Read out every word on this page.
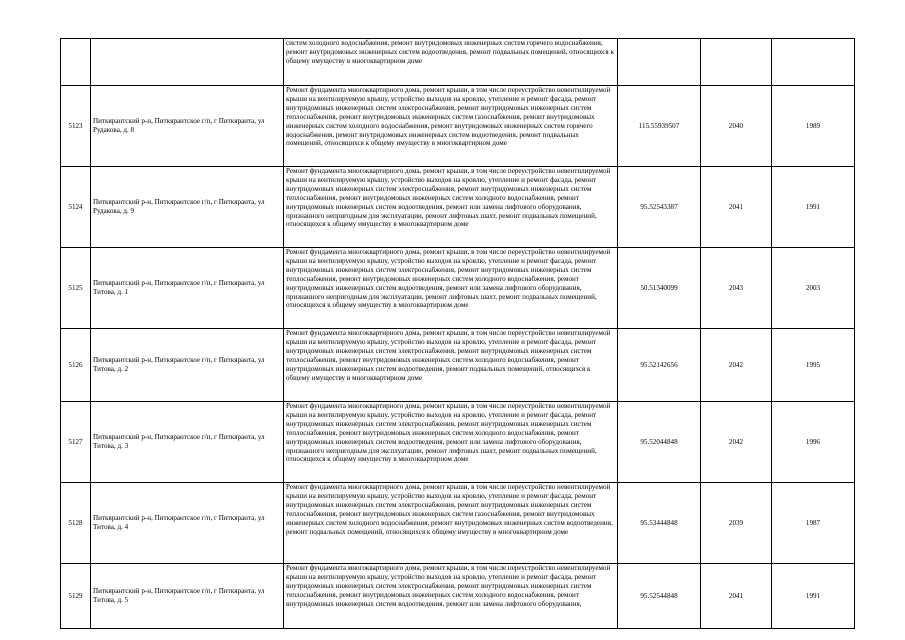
		систем холодного водоснабжения, ремонт внутридомовых инженерных систем горячего водоснабжения, ремонт внутридомовых инженерных систем водоотведения, ремонт подвальных помещений, относящихся к общему имуществу в многоквартирном доме			

5123	Питкярантский р-н, Питкярантское г/п, г Питкяранта, ул Рудакова, д. 8	Ремонт фундамента многоквартирного дома, ремонт крыши, в том числе переустройство невентилируемой крыши на вентилируемую крышу, устройство выходов на кровлю, утепление и ремонт фасада, ремонт внутридомовых инженерных систем электроснабжения, ремонт внутридомовых инженерных систем теплоснабжения, ремонт внутридомовых инженерных систем газоснабжения, ремонт внутридомовых инженерных систем холодного водоснабжения, ремонт внутридомовых инженерных систем горячего водоснабжения, ремонт внутридомовых инженерных систем водоотведения, ремонт подвальных помещений, относящихся к общему имуществу в многоквартирном доме	115.55939507	2040	1989
5124	Питкярантский р-н, Питкярантское г/п, г Питкяранта, ул Рудакова, д. 9	Ремонт фундамента многоквартирного дома, ремонт крыши, в том числе переустройство невентилируемой крыши на вентилируемую крышу, устройство выходов на кровлю, утепление и ремонт фасада, ремонт внутридомовых инженерных систем электроснабжения, ремонт внутридомовых инженерных систем теплоснабжения, ремонт внутридомовых инженерных систем холодного водоснабжения, ремонт внутридомовых инженерных систем водоотведения, ремонт или замена лифтового оборудования, признанного непригодным для эксплуатации, ремонт лифтовых шахт, ремонт подвальных помещений, относящихся к общему имуществу в многоквартирном доме	95.52543387	2041	1991
5125	Питкярантский р-н, Питкярантское г/п, г Питкяранта, ул Титова, д. 1	Ремонт фундамента многоквартирного дома, ремонт крыши, в том числе переустройство невентилируемой крыши на вентилируемую крышу, устройство выходов на кровлю, утепление и ремонт фасада, ремонт внутридомовых инженерных систем электроснабжения, ремонт внутридомовых инженерных систем теплоснабжения, ремонт внутридомовых инженерных систем холодного водоснабжения, ремонт внутридомовых инженерных систем водоотведения, ремонт или замена лифтового оборудования, признанного непригодным для эксплуатации, ремонт лифтовых шахт, ремонт подвальных помещений, относящихся к общему имуществу в многоквартирном доме	50.51340099	2043	2003
5126	Питкярантский р-н, Питкярантское г/п, г Питкяранта, ул Титова, д. 2	Ремонт фундамента многоквартирного дома, ремонт крыши, в том числе переустройство невентилируемой крыши на вентилируемую крышу, устройство выходов на кровлю, утепление и ремонт фасада, ремонт внутридомовых инженерных систем электроснабжения, ремонт внутридомовых инженерных систем теплоснабжения, ремонт внутридомовых инженерных систем холодного водоснабжения, ремонт внутридомовых инженерных систем водоотведения, ремонт подвальных помещений, относящихся к общему имуществу в многоквартирном доме	95.52142656	2042	1995
5127	Питкярантский р-н, Питкярантское г/п, г Питкяранта, ул Титова, д. 3	Ремонт фундамента многоквартирного дома, ремонт крыши, в том числе переустройство невентилируемой крыши на вентилируемую крышу, устройство выходов на кровлю, утепление и ремонт фасада, ремонт внутридомовых инженерных систем электроснабжения, ремонт внутридомовых инженерных систем теплоснабжения, ремонт внутридомовых инженерных систем холодного водоснабжения, ремонт внутридомовых инженерных систем водоотведения, ремонт или замена лифтового оборудования, признанного непригодным для эксплуатации, ремонт лифтовых шахт, ремонт подвальных помещений, относящихся к общему имуществу в многоквартирном доме	95.52044848	2042	1996
5128	Питкярантский р-н, Питкярантское г/п, г Питкяранта, ул Титова, д. 4	Ремонт фундамента многоквартирного дома, ремонт крыши, в том числе переустройство невентилируемой крыши на вентилируемую крышу, устройство выходов на кровлю, утепление и ремонт фасада, ремонт внутридомовых инженерных систем электроснабжения, ремонт внутридомовых инженерных систем теплоснабжения, ремонт внутридомовых инженерных систем газоснабжения, ремонт внутридомовых инженерных систем холодного водоснабжения, ремонт внутридомовых инженерных систем водоотведения, ремонт подвальных помещений, относящихся к общему имуществу в многоквартирном доме	95.53444848	2039	1987
5129	Питкярантский р-н, Питкярантское г/п, г Питкяранта, ул Титова, д. 5	Ремонт фундамента многоквартирного дома, ремонт крыши, в том числе переустройство невентилируемой крыши на вентилируемую крышу, устройство выходов на кровлю, утепление и ремонт фасада, ремонт внутридомовых инженерных систем электроснабжения, ремонт внутридомовых инженерных систем теплоснабжения, ремонт внутридомовых инженерных систем холодного водоснабжения, ремонт внутридомовых инженерных систем водоотведения, ремонт или замена лифтового оборудования,	95.52544848	2041	1991
